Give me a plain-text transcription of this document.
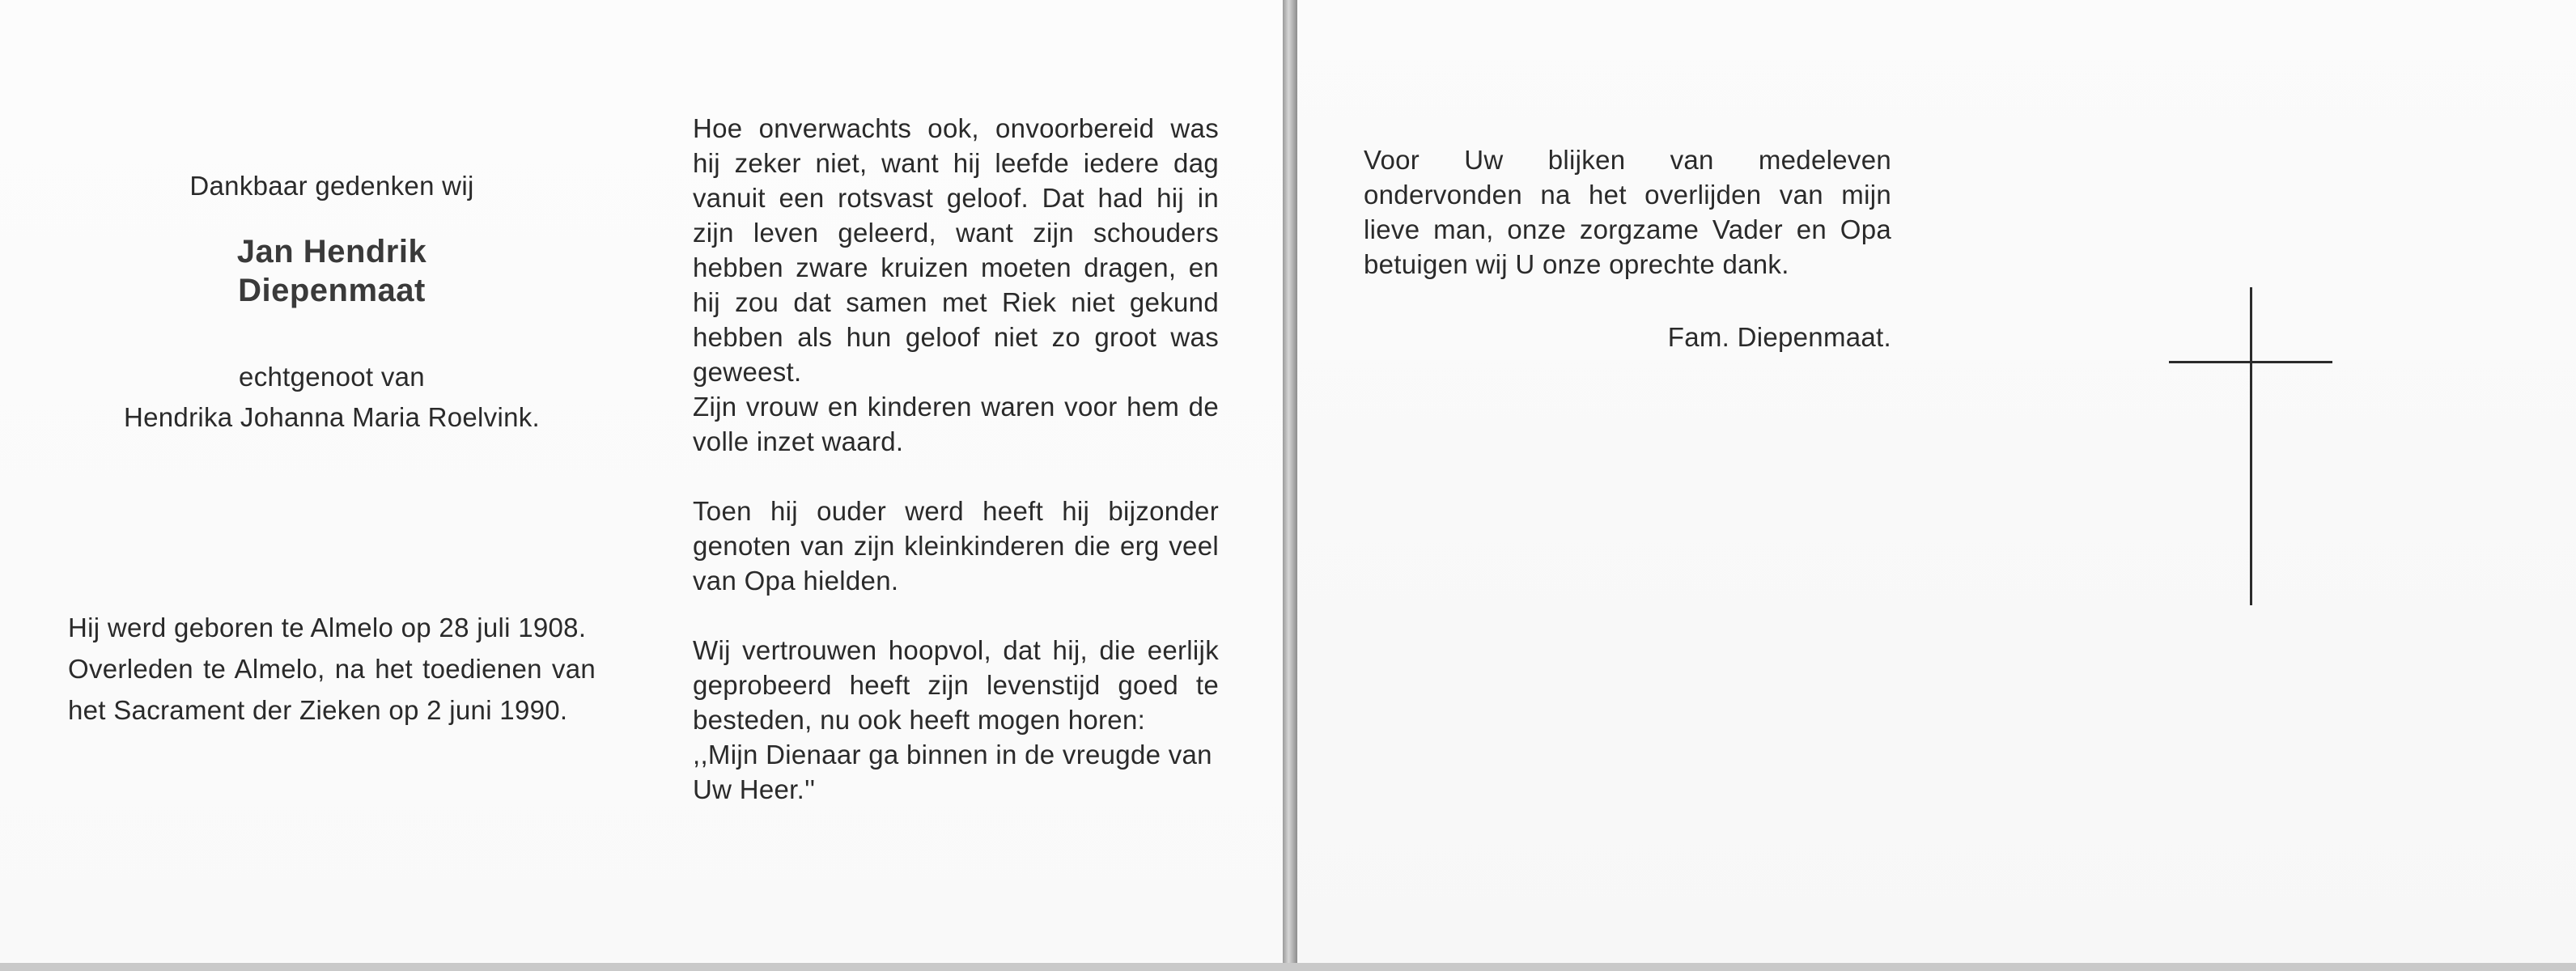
Dankbaar gedenken wij

Jan Hendrik

Diepenmaat

echtgenoot van

Hendrika Johanna Maria Roelvink.

Hij werd geboren te Almelo op 28 juli 1908.

Overleden te Almelo, na het toedienen van het Sacrament der Zieken op 2 juni 1990.

Hoe onverwachts ook, onvoorbereid was hij zeker niet, want hij leefde iedere dag vanuit een rotsvast geloof. Dat had hij in zijn leven geleerd, want zijn schouders hebben zware kruizen moeten dragen, en hij zou dat samen met Riek niet gekund hebben als hun geloof niet zo groot was geweest.

Zijn vrouw en kinderen waren voor hem de volle inzet waard.

Toen hij ouder werd heeft hij bijzonder genoten van zijn kleinkinderen die erg veel van Opa hielden.

Wij vertrouwen hoopvol, dat hij, die eerlijk geprobeerd heeft zijn levenstijd goed te besteden, nu ook heeft mogen horen:

,,Mijn Dienaar ga binnen in de vreugde van Uw Heer.''

Voor Uw blijken van medeleven ondervonden na het overlijden van mijn lieve man, onze zorgzame Vader en Opa betuigen wij U onze oprechte dank.

Fam. Diepenmaat.
